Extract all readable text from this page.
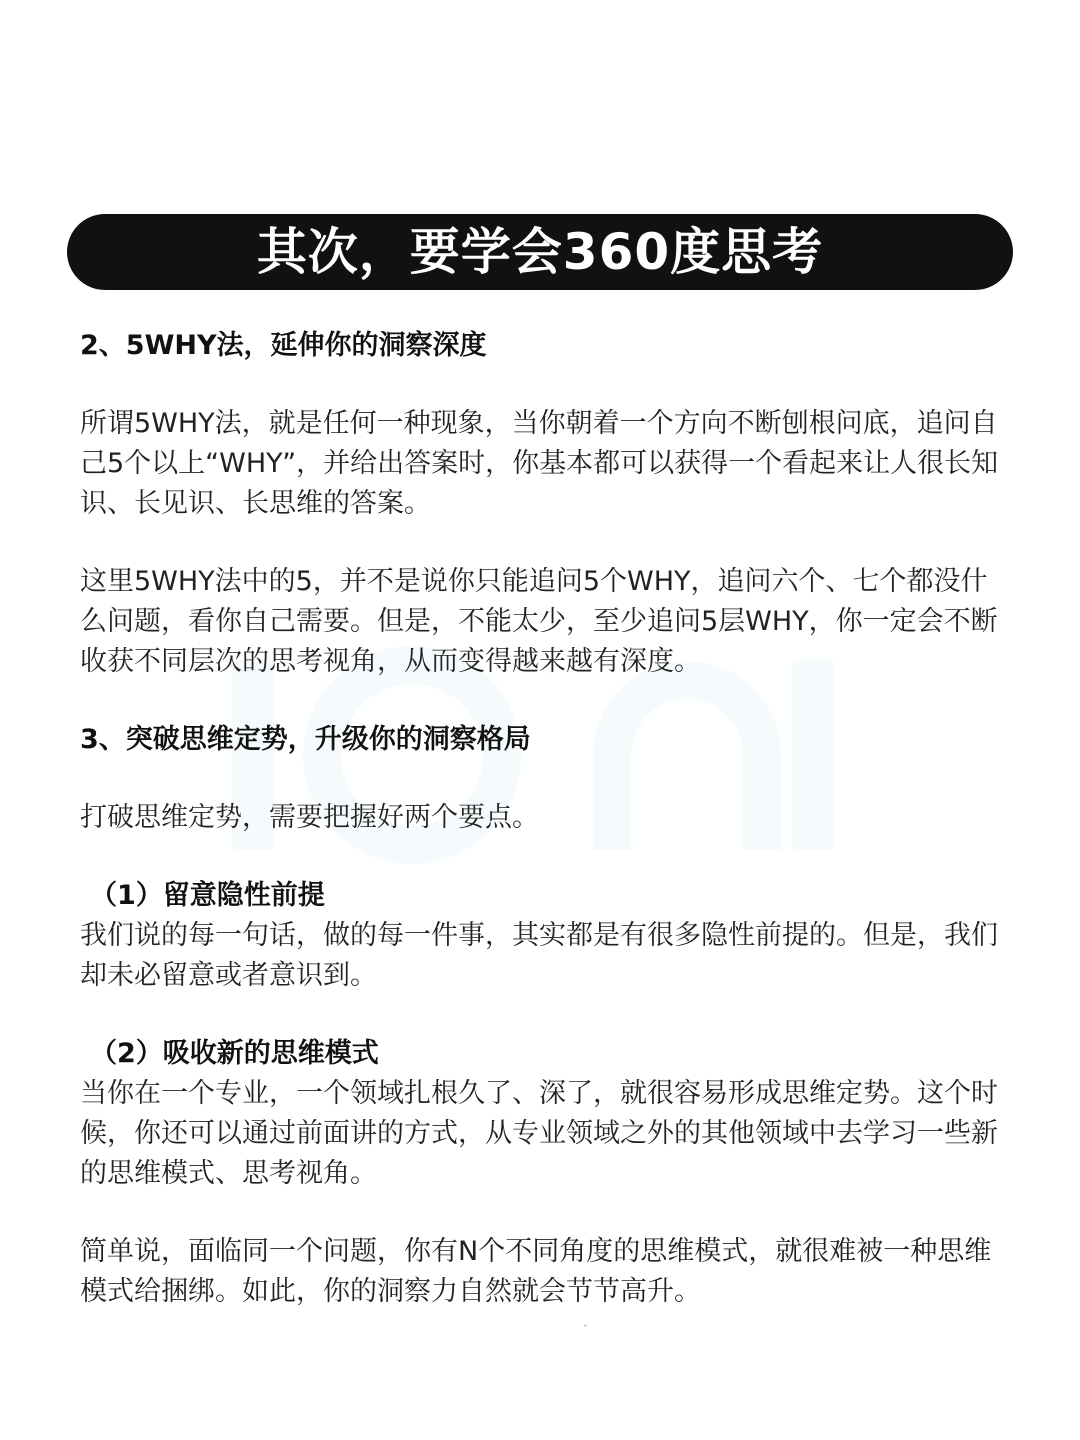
其次，要学会360度思考
2、5WHY法，延伸你的洞察深度

所谓5WHY法，就是任何一种现象，当你朝着一个方向不断刨根问底，追问自己5个以上“WHY”，并给出答案时，你基本都可以获得一个看起来让人很长知识、长见识、长思维的答案。

这里5WHY法中的5，并不是说你只能追问5个WHY，追问六个、七个都没什么问题，看你自己需要。但是，不能太少，至少追问5层WHY，你一定会不断收获不同层次的思考视角，从而变得越来越有深度。

3、突破思维定势，升级你的洞察格局

打破思维定势，需要把握好两个要点。

（1）留意隐性前提

我们说的每一句话，做的每一件事，其实都是有很多隐性前提的。但是，我们却未必留意或者意识到。

（2）吸收新的思维模式

当你在一个专业，一个领域扎根久了、深了，就很容易形成思维定势。这个时候，你还可以通过前面讲的方式，从专业领域之外的其他领域中去学习一些新的思维模式、思考视角。

简单说，面临同一个问题，你有N个不同角度的思维模式，就很难被一种思维模式给捆绑。如此，你的洞察力自然就会节节高升。
